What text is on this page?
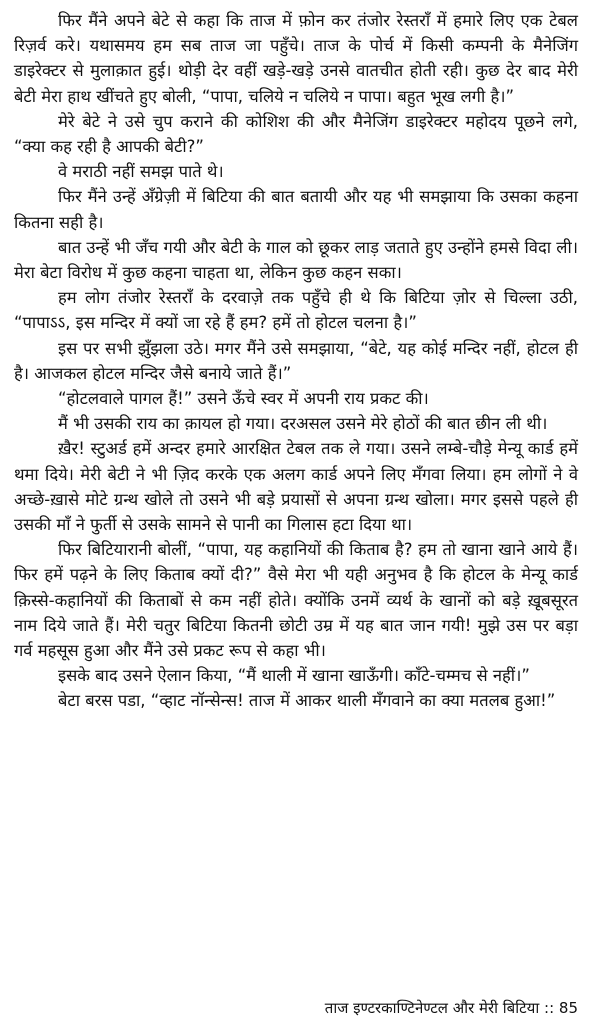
फिर मैंने अपने बेटे से कहा कि ताज में फ़ोन कर तंजोर रेस्तराँ में हमारे लिए एक टेबल रिज़र्व करे। यथासमय हम सब ताज जा पहुँचे। ताज के पोर्च में किसी कम्पनी के मैनेजिंग डाइरेक्टर से मुलाक़ात हुई। थोड़ी देर वहीं खड़े-खड़े उनसे वातचीत होती रही। कुछ देर बाद मेरी बेटी मेरा हाथ खींचते हुए बोली, “पापा, चलिये न चलिये न पापा। बहुत भूख लगी है।”

मेरे बेटे ने उसे चुप कराने की कोशिश की और मैनेजिंग डाइरेक्टर महोदय पूछने लगे, “क्या कह रही है आपकी बेटी?”

वे मराठी नहीं समझ पाते थे।

फिर मैंने उन्हें अँग्रेज़ी में बिटिया की बात बतायी और यह भी समझाया कि उसका कहना कितना सही है।

बात उन्हें भी जँच गयी और बेटी के गाल को छूकर लाड़ जताते हुए उन्होंने हमसे विदा ली। मेरा बेटा विरोध में कुछ कहना चाहता था, लेकिन कुछ कहन सका।

हम लोग तंजोर रेस्तराँ के दरवाज़े तक पहुँचे ही थे कि बिटिया ज़ोर से चिल्ला उठी, “पापाऽऽ, इस मन्दिर में क्यों जा रहे हैं हम? हमें तो होटल चलना है।”

इस पर सभी झुँझला उठे। मगर मैंने उसे समझाया, “बेटे, यह कोई मन्दिर नहीं, होटल ही है। आजकल होटल मन्दिर जैसे बनाये जाते हैं।”

“होटलवाले पागल हैं!” उसने ऊँचे स्वर में अपनी राय प्रकट की।

मैं भी उसकी राय का क़ायल हो गया। दरअसल उसने मेरे होठों की बात छीन ली थी।

ख़ैर! स्टुअर्ड हमें अन्दर हमारे आरक्षित टेबल तक ले गया। उसने लम्बे-चौड़े मेन्यू कार्ड हमें थमा दिये। मेरी बेटी ने भी ज़िद करके एक अलग कार्ड अपने लिए मँगवा लिया। हम लोगों ने वे अच्छे-ख़ासे मोटे ग्रन्थ खोले तो उसने भी बड़े प्रयासों से अपना ग्रन्थ खोला। मगर इससे पहले ही उसकी माँ ने फुर्ती से उसके सामने से पानी का गिलास हटा दिया था।

फिर बिटियारानी बोलीं, “पापा, यह कहानियों की किताब है? हम तो खाना खाने आये हैं। फिर हमें पढ़ने के लिए किताब क्यों दी?” वैसे मेरा भी यही अनुभव है कि होटल के मेन्यू कार्ड क़िस्से-कहानियों की किताबों से कम नहीं होते। क्योंकि उनमें व्यर्थ के खानों को बड़े ख़ूबसूरत नाम दिये जाते हैं। मेरी चतुर बिटिया कितनी छोटी उम्र में यह बात जान गयी! मुझे उस पर बड़ा गर्व महसूस हुआ और मैंने उसे प्रकट रूप से कहा भी।

इसके बाद उसने ऐलान किया, “मैं थाली में खाना खाऊँगी। काँटे-चम्मच से नहीं।”

बेटा बरस पडा, “व्हाट नॉन्सेन्स! ताज में आकर थाली मँगवाने का क्या मतलब हुआ!”

ताज इण्टरकाण्टिनेण्टल और मेरी बिटिया :: 85
